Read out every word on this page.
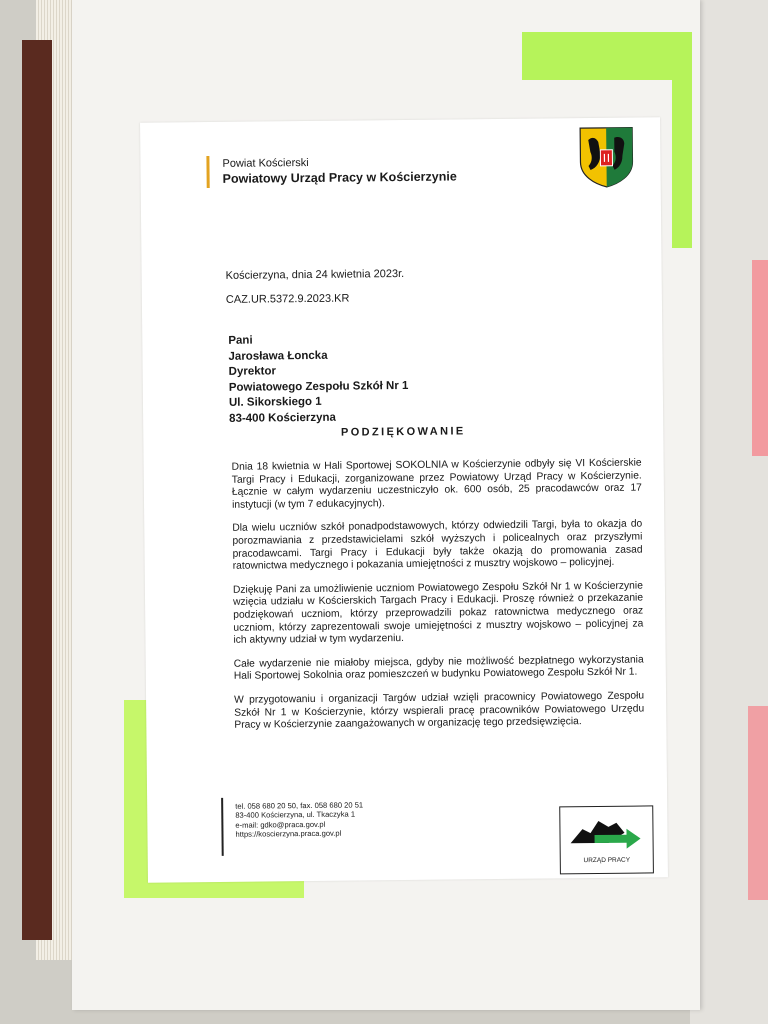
Powiat Kościerski
Powiatowy Urząd Pracy w Kościerzynie
Kościerzyna, dnia 24 kwietnia 2023r.
CAZ.UR.5372.9.2023.KR
Pani
Jarosława Łoncka
Dyrektor
Powiatowego Zespołu Szkół Nr 1
Ul. Sikorskiego 1
83-400 Kościerzyna
PODZIĘKOWANIE

Dnia 18 kwietnia w Hali Sportowej SOKOLNIA w Kościerzynie odbyły się VI Kościerskie Targi Pracy i Edukacji, zorganizowane przez Powiatowy Urząd Pracy w Kościerzynie. Łącznie w całym wydarzeniu uczestniczyło ok. 600 osób, 25 pracodawców oraz 17 instytucji (w tym 7 edukacyjnych).

Dla wielu uczniów szkół ponadpodstawowych, którzy odwiedzili Targi, była to okazja do porozmawiania z przedstawicielami szkół wyższych i policealnych oraz przyszłymi pracodawcami. Targi Pracy i Edukacji były także okazją do promowania zasad ratownictwa medycznego i pokazania umiejętności z musztry wojskowo – policyjnej.

Dziękuję Pani za umożliwienie uczniom Powiatowego Zespołu Szkół Nr 1 w Kościerzynie wzięcia udziału w Kościerskich Targach Pracy i Edukacji. Proszę również o przekazanie podziękowań uczniom, którzy przeprowadzili pokaz ratownictwa medycznego oraz uczniom, którzy zaprezentowali swoje umiejętności z musztry wojskowo – policyjnej za ich aktywny udział w tym wydarzeniu.

Całe wydarzenie nie miałoby miejsca, gdyby nie możliwość bezpłatnego wykorzystania Hali Sportowej Sokolnia oraz pomieszczeń w budynku Powiatowego Zespołu Szkół Nr 1.

W przygotowaniu i organizacji Targów udział wzięli pracownicy Powiatowego Zespołu Szkół Nr 1 w Kościerzynie, którzy wspierali pracę pracowników Powiatowego Urzędu Pracy w Kościerzynie zaangażowanych w organizację tego przedsięwzięcia.

tel. 058 680 20 50, fax. 058 680 20 51
83-400 Kościerzyna, ul. Tkaczyka 1
e-mail: gdko@praca.gov.pl
https://koscierzyna.praca.gov.pl
URZĄD PRACY
